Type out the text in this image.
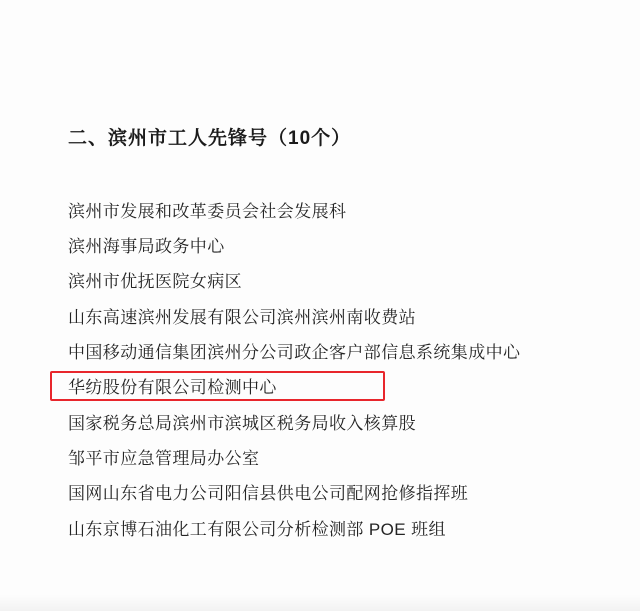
二、滨州市工人先锋号（10个）
滨州市发展和改革委员会社会发展科
滨州海事局政务中心
滨州市优抚医院女病区
山东高速滨州发展有限公司滨州滨州南收费站
中国移动通信集团滨州分公司政企客户部信息系统集成中心
华纺股份有限公司检测中心
国家税务总局滨州市滨城区税务局收入核算股
邹平市应急管理局办公室
国网山东省电力公司阳信县供电公司配网抢修指挥班
山东京博石油化工有限公司分析检测部 POE 班组
